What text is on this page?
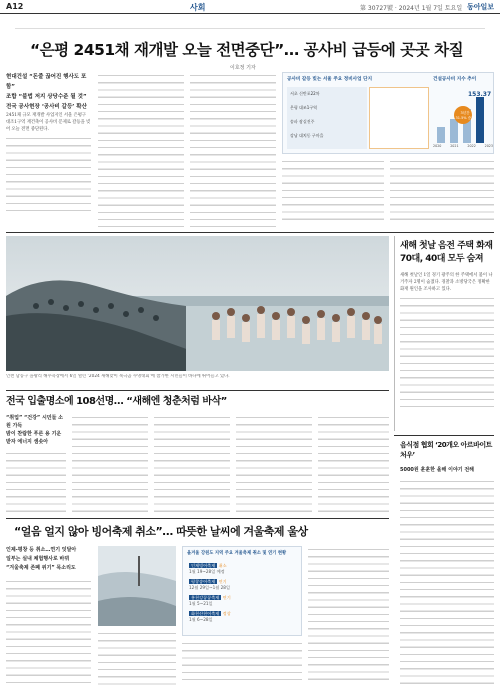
A12	사회	第 30727號 · 2024년 1월 7일 토요일 동아일보
“은평 2451채 재개발 오늘 전면중단”… 공사비 급등에 곳곳 차질
이호정 기자
현대건설 “돈줄 끊어진 행사도 포함”
조합 “불법 저지 상당수준 될 것”
전국 공사현장 ‘공사비 갈등’ 확산

2451채 규모 재개발 사업지인 서울 은평구 대조1구역 재건축이 공사비 문제로 갈등을 빚어 오늘 전면 중단된다.

공사비 갈등 빚는 서울 주요 정비사업 단지
서초 신반포22차
은평 대조1구역
송파 잠실진주
강남 대치동 구마을
건설공사비 지수 추이
153.37
3년간 31.5% 증가
2020	2021	2022	2023
인천 남동구 을왕리 해수욕장에서 6일 열린 ‘2024 새해맞이 북극곰 수영대회’에 참가한 시민들이 바다에 뛰어들고 있다.
새해 첫날 음전 주택 화재 70대, 40대 모두 숨져

새해 첫날인 1일 경기 광주의 한 주택에서 불이 나 거주자 2명이 숨졌다. 경찰과 소방당국은 정확한 화재 원인을 조사하고 있다.

전국 입출명소에 108선명… “새해엔 청춘처럼 바삭”
“취업” “건강” 시민들 소원 가득
밤이 찬람한 푸른 용 기운 받자 에너지 샘솟아	음식점 협회 ‘20개오 아르바이트 처우’
5000원 훈훈한 올해 이야기 전해
“얼음 얼지 않아 빙어축제 취소”… 따뜻한 날씨에 겨울축제 울상
인제-평창 등 취소…연기 잇달아
일부는 실내 체험행사로 바꿔
“겨울축제 존폐 위기” 목소리도
올겨울 강원도 지역 주요 겨울축제 취소 및 연기 현황
인제빙어축제 취소
1월 19~28일 예정
평창송어축제 연기
12월 29일~1월 28일
홍천강꽁꽁축제 연기
1월 5~21일
화천산천어축제 정상
1월 6~28일
